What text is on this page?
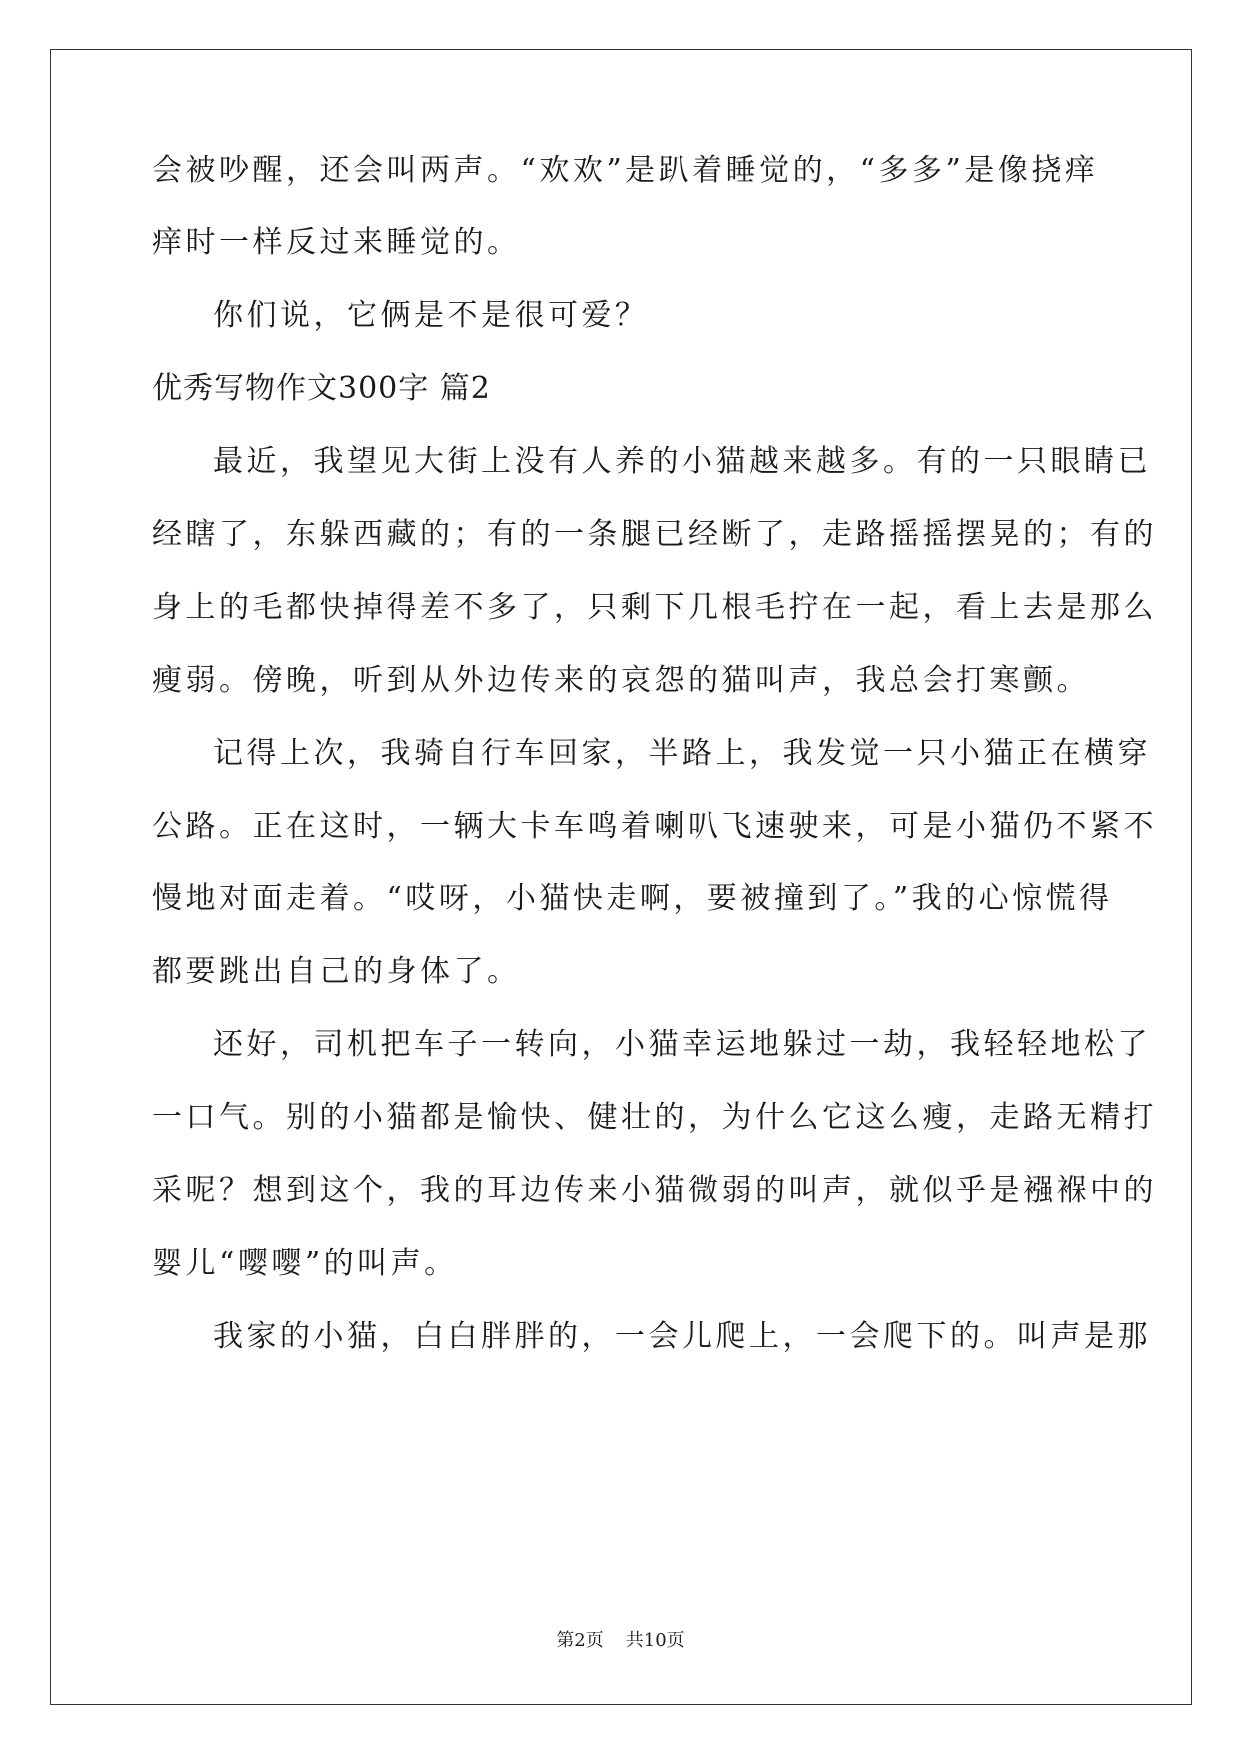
会被吵醒，还会叫两声。“欢欢”是趴着睡觉的，“多多”是像挠痒
痒时一样反过来睡觉的。
你们说，它俩是不是很可爱？
优秀写物作文300字 篇2
最近，我望见大街上没有人养的小猫越来越多。有的一只眼睛已
经瞎了，东躲西藏的；有的一条腿已经断了，走路摇摇摆晃的；有的
身上的毛都快掉得差不多了，只剩下几根毛拧在一起，看上去是那么
瘦弱。傍晚，听到从外边传来的哀怨的猫叫声，我总会打寒颤。
记得上次，我骑自行车回家，半路上，我发觉一只小猫正在横穿
公路。正在这时，一辆大卡车鸣着喇叭飞速驶来，可是小猫仍不紧不
慢地对面走着。“哎呀，小猫快走啊，要被撞到了。”我的心惊慌得
都要跳出自己的身体了。
还好，司机把车子一转向，小猫幸运地躲过一劫，我轻轻地松了
一口气。别的小猫都是愉快、健壮的，为什么它这么瘦，走路无精打
采呢？想到这个，我的耳边传来小猫微弱的叫声，就似乎是襁褓中的
婴儿“嘤嘤”的叫声。
我家的小猫，白白胖胖的，一会儿爬上，一会爬下的。叫声是那
第2页 共10页
